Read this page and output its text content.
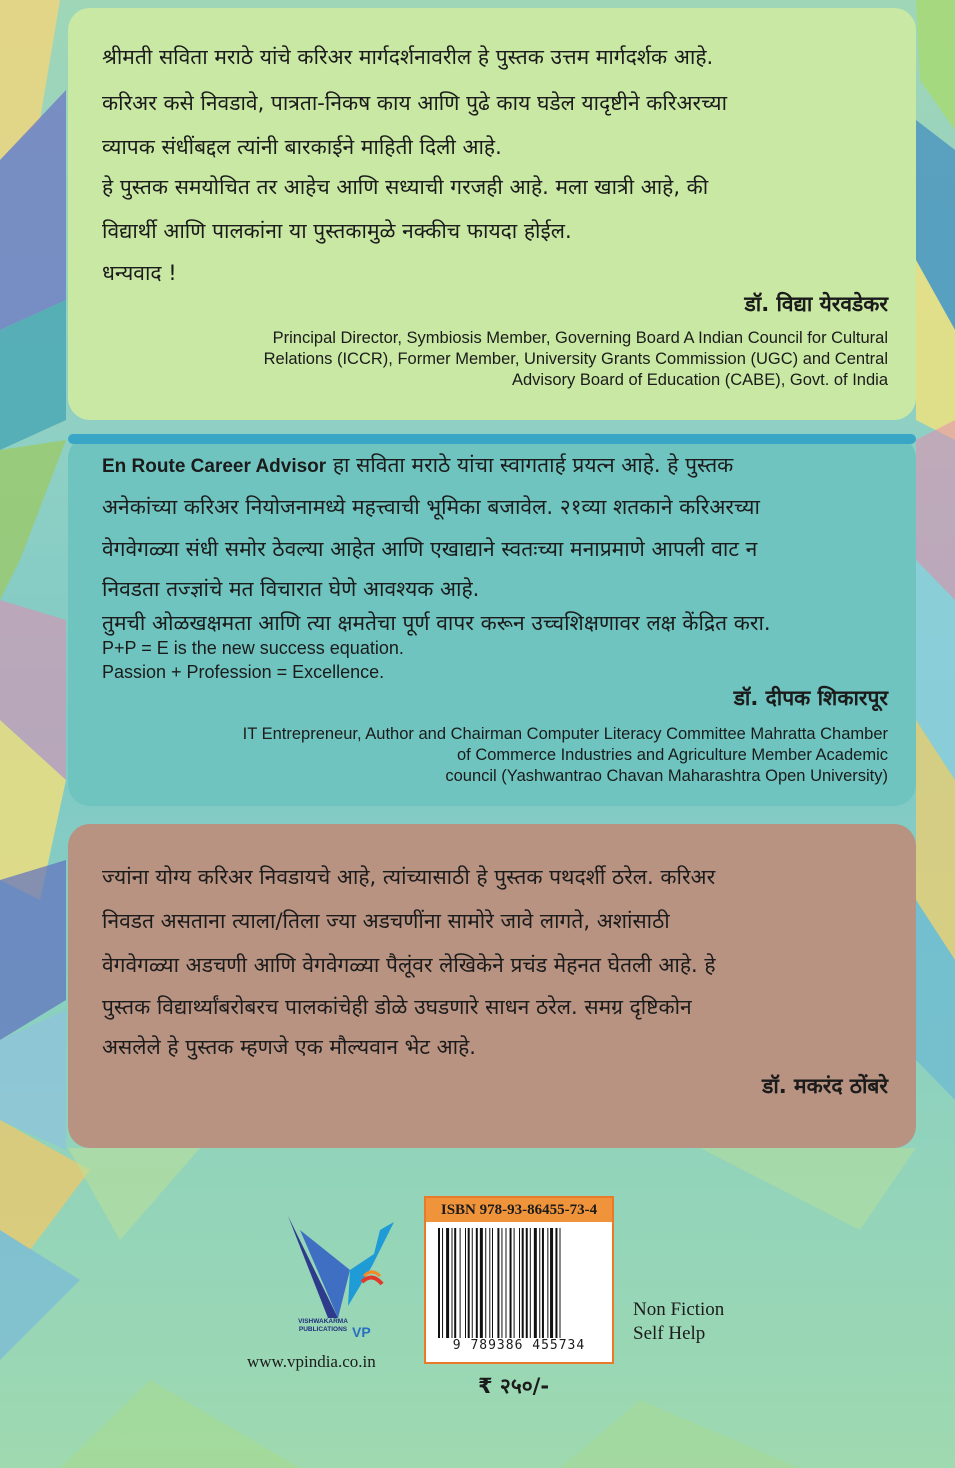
श्रीमती सविता मराठे यांचे करिअर मार्गदर्शनावरील हे पुस्तक उत्तम मार्गदर्शक आहे.

करिअर कसे निवडावे, पात्रता-निकष काय आणि पुढे काय घडेल यादृष्टीने करिअरच्या

व्यापक संधींबद्दल त्यांनी बारकाईने माहिती दिली आहे.

हे पुस्तक समयोचित तर आहेच आणि सध्याची गरजही आहे. मला खात्री आहे, की

विद्यार्थी आणि पालकांना या पुस्तकामुळे नक्कीच फायदा होईल.

धन्यवाद !

डॉ. विद्या येरवडेकर
Principal Director, Symbiosis Member, Governing Board A Indian Council for Cultural
Relations (ICCR), Former Member, University Grants Commission (UGC) and Central
Advisory Board of Education (CABE), Govt. of India

En Route Career Advisor हा सविता मराठे यांचा स्वागतार्ह प्रयत्न आहे. हे पुस्तक

अनेकांच्या करिअर नियोजनामध्ये महत्त्वाची भूमिका बजावेल. २१व्या शतकाने करिअरच्या

वेगवेगळ्या संधी समोर ठेवल्या आहेत आणि एखाद्याने स्वतःच्या मनाप्रमाणे आपली वाट न

निवडता तज्ज्ञांचे मत विचारात घेणे आवश्यक आहे.

तुमची ओळखक्षमता आणि त्या क्षमतेचा पूर्ण वापर करून उच्चशिक्षणावर लक्ष केंद्रित करा.

P+P = E is the new success equation.

Passion + Profession = Excellence.

डॉ. दीपक शिकारपूर
IT Entrepreneur, Author and Chairman Computer Literacy Committee Mahratta Chamber
of Commerce Industries and Agriculture Member Academic
council (Yashwantrao Chavan Maharashtra Open University)

ज्यांना योग्य करिअर निवडायचे आहे, त्यांच्यासाठी हे पुस्तक पथदर्शी ठरेल. करिअर

निवडत असताना त्याला/तिला ज्या अडचणींना सामोरे जावे लागते, अशांसाठी

वेगवेगळ्या अडचणी आणि वेगवेगळ्या पैलूंवर लेखिकेने प्रचंड मेहनत घेतली आहे. हे

पुस्तक विद्यार्थ्यांबरोबरच पालकांचेही डोळे उघडणारे साधन ठरेल. समग्र दृष्टिकोन

असलेले हे पुस्तक म्हणजे एक मौल्यवान भेट आहे.

डॉ. मकरंद ठोंबरे
VISHWAKARMA
PUBLICATIONS VP
www.vpindia.co.in
ISBN 978-93-86455-73-4
9 789386 455734
Non Fiction
Self Help
₹ २५०/-
